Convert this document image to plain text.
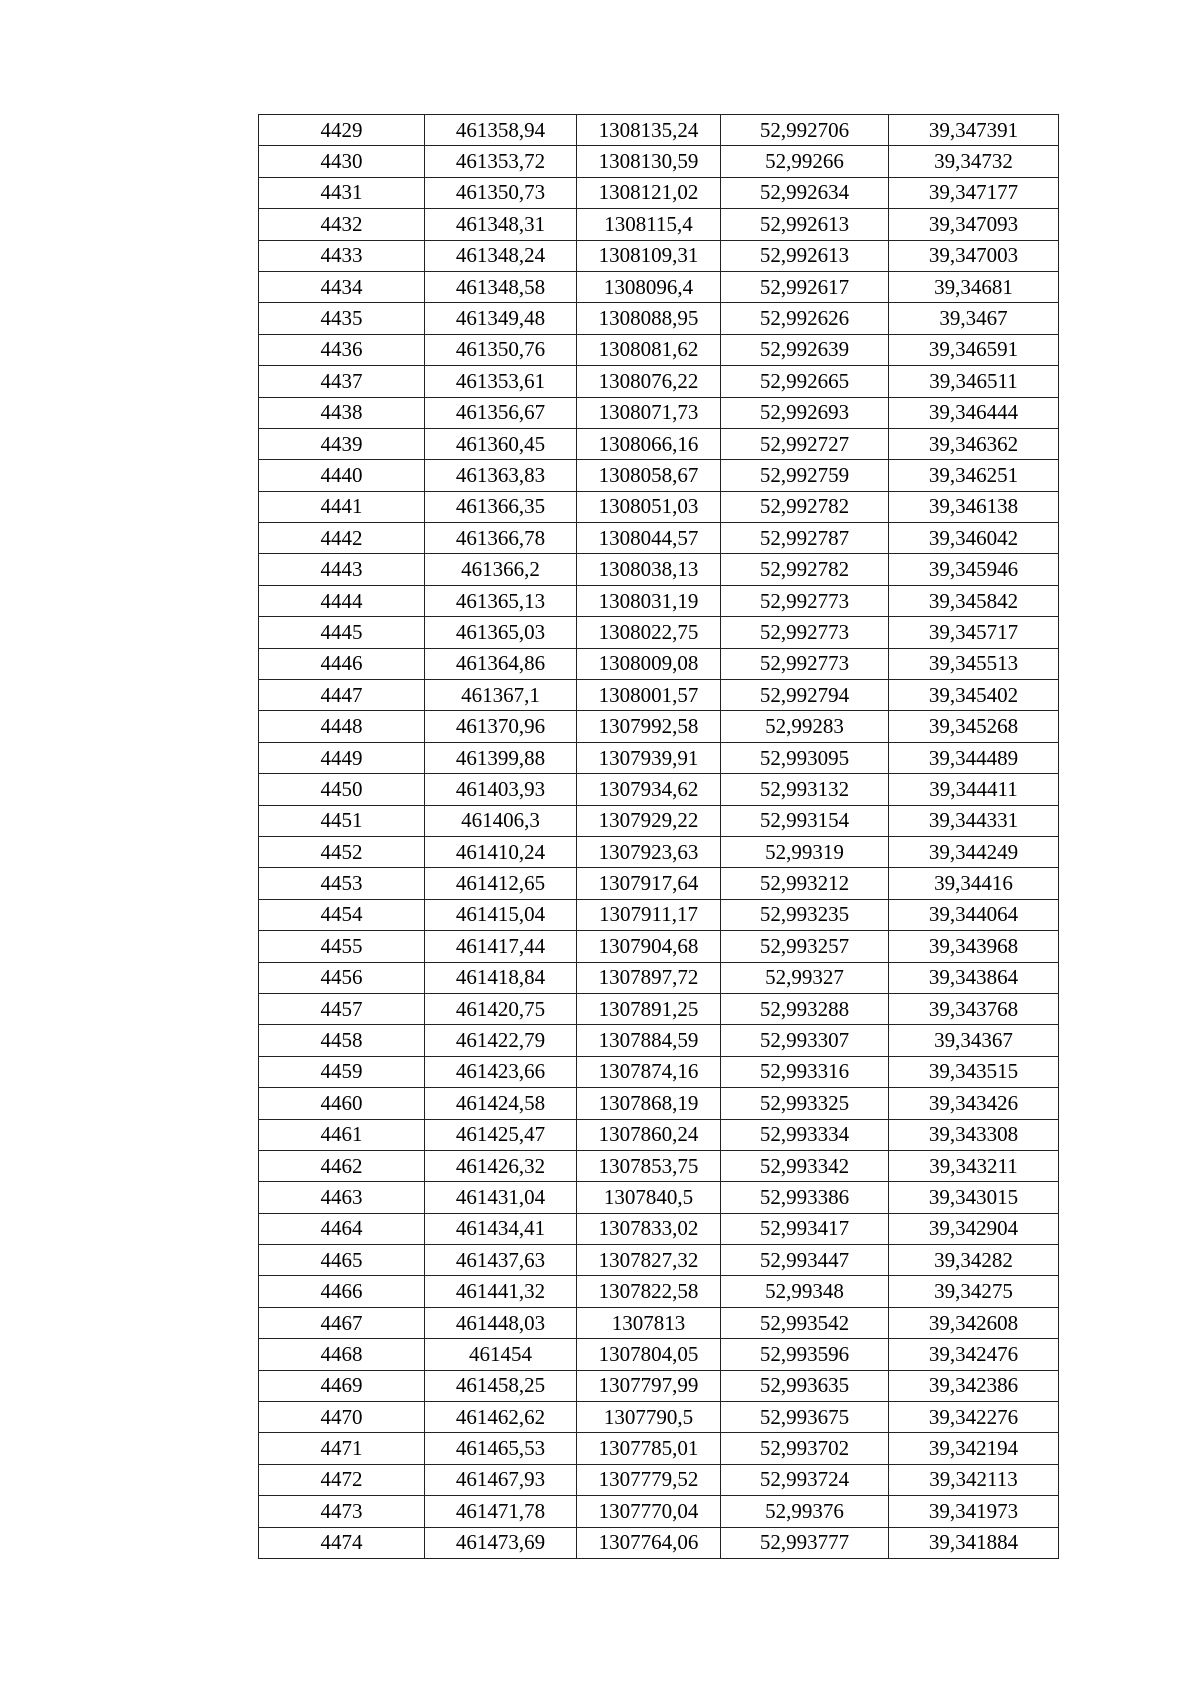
4429	461358,94	1308135,24	52,992706	39,347391
4430	461353,72	1308130,59	52,99266	39,34732
4431	461350,73	1308121,02	52,992634	39,347177
4432	461348,31	1308115,4	52,992613	39,347093
4433	461348,24	1308109,31	52,992613	39,347003
4434	461348,58	1308096,4	52,992617	39,34681
4435	461349,48	1308088,95	52,992626	39,3467
4436	461350,76	1308081,62	52,992639	39,346591
4437	461353,61	1308076,22	52,992665	39,346511
4438	461356,67	1308071,73	52,992693	39,346444
4439	461360,45	1308066,16	52,992727	39,346362
4440	461363,83	1308058,67	52,992759	39,346251
4441	461366,35	1308051,03	52,992782	39,346138
4442	461366,78	1308044,57	52,992787	39,346042
4443	461366,2	1308038,13	52,992782	39,345946
4444	461365,13	1308031,19	52,992773	39,345842
4445	461365,03	1308022,75	52,992773	39,345717
4446	461364,86	1308009,08	52,992773	39,345513
4447	461367,1	1308001,57	52,992794	39,345402
4448	461370,96	1307992,58	52,99283	39,345268
4449	461399,88	1307939,91	52,993095	39,344489
4450	461403,93	1307934,62	52,993132	39,344411
4451	461406,3	1307929,22	52,993154	39,344331
4452	461410,24	1307923,63	52,99319	39,344249
4453	461412,65	1307917,64	52,993212	39,34416
4454	461415,04	1307911,17	52,993235	39,344064
4455	461417,44	1307904,68	52,993257	39,343968
4456	461418,84	1307897,72	52,99327	39,343864
4457	461420,75	1307891,25	52,993288	39,343768
4458	461422,79	1307884,59	52,993307	39,34367
4459	461423,66	1307874,16	52,993316	39,343515
4460	461424,58	1307868,19	52,993325	39,343426
4461	461425,47	1307860,24	52,993334	39,343308
4462	461426,32	1307853,75	52,993342	39,343211
4463	461431,04	1307840,5	52,993386	39,343015
4464	461434,41	1307833,02	52,993417	39,342904
4465	461437,63	1307827,32	52,993447	39,34282
4466	461441,32	1307822,58	52,99348	39,34275
4467	461448,03	1307813	52,993542	39,342608
4468	461454	1307804,05	52,993596	39,342476
4469	461458,25	1307797,99	52,993635	39,342386
4470	461462,62	1307790,5	52,993675	39,342276
4471	461465,53	1307785,01	52,993702	39,342194
4472	461467,93	1307779,52	52,993724	39,342113
4473	461471,78	1307770,04	52,99376	39,341973
4474	461473,69	1307764,06	52,993777	39,341884
